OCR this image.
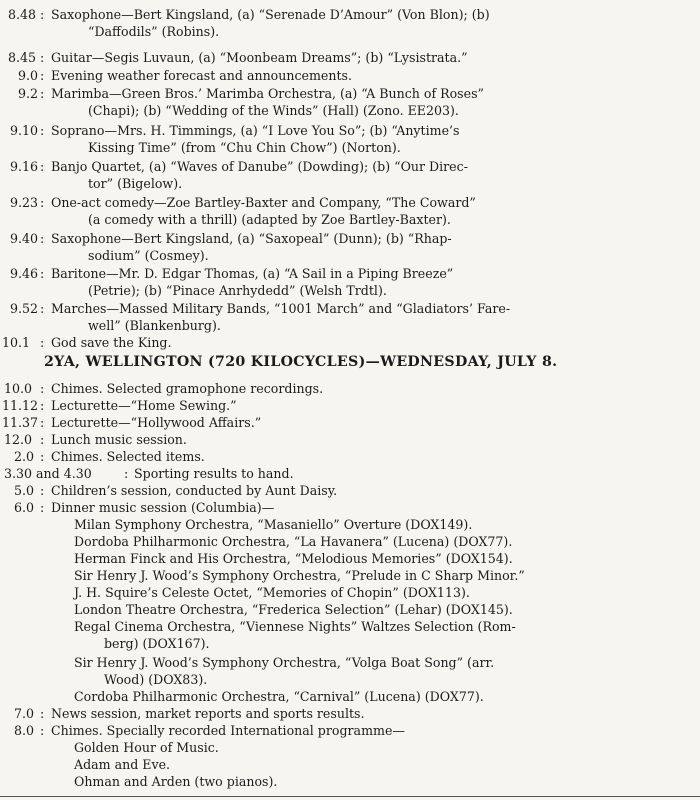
8.48 : Saxophone—Bert Kingsland, (a) “Serenade D’Amour” (Von Blon); (b)
“Daffodils” (Robins).
8.45 : Guitar—Segis Luvaun, (a) “Moonbeam Dreams”; (b) “Lysistrata.”
9.0 : Evening weather forecast and announcements.
9.2 : Marimba—Green Bros.’ Marimba Orchestra, (a) “A Bunch of Roses”
(Chapi); (b) “Wedding of the Winds” (Hall) (Zono. EE203).
9.10 : Soprano—Mrs. H. Timmings, (a) “I Love You So”; (b) “Anytime’s
Kissing Time” (from “Chu Chin Chow”) (Norton).
9.16 : Banjo Quartet, (a) “Waves of Danube” (Dowding); (b) “Our Direc-
tor” (Bigelow).
9.23 : One-act comedy—Zoe Bartley-Baxter and Company, “The Coward”
(a comedy with a thrill) (adapted by Zoe Bartley-Baxter).
9.40 : Saxophone—Bert Kingsland, (a) “Saxopeal” (Dunn); (b) “Rhap-
sodium” (Cosmey).
9.46 : Baritone—Mr. D. Edgar Thomas, (a) “A Sail in a Piping Breeze”
(Petrie); (b) “Pinace Anrhydedd” (Welsh Trdtl).
9.52 : Marches—Massed Military Bands, “1001 March” and “Gladiators’ Fare-
well” (Blankenburg).
10.1 : God save the King.
2YA, WELLINGTON (720 KILOCYCLES)—WEDNESDAY, JULY 8.
10.0 : Chimes. Selected gramophone recordings.
11.12 : Lecturette—“Home Sewing.”
11.37 : Lecturette—“Hollywood Affairs.”
12.0 : Lunch music session.
2.0 : Chimes. Selected items.
3.30 and 4.30	: Sporting results to hand.
5.0 : Children’s session, conducted by Aunt Daisy.
6.0 : Dinner music session (Columbia)—
Milan Symphony Orchestra, “Masaniello” Overture (DOX149).
Dordoba Philharmonic Orchestra, “La Havanera” (Lucena) (DOX77).
Herman Finck and His Orchestra, “Melodious Memories” (DOX154).
Sir Henry J. Wood’s Symphony Orchestra, “Prelude in C Sharp Minor.”
J. H. Squire’s Celeste Octet, “Memories of Chopin” (DOX113).
London Theatre Orchestra, “Frederica Selection” (Lehar) (DOX145).
Regal Cinema Orchestra, “Viennese Nights” Waltzes Selection (Rom-
berg) (DOX167).
Sir Henry J. Wood’s Symphony Orchestra, “Volga Boat Song” (arr.
Wood) (DOX83).
Cordoba Philharmonic Orchestra, “Carnival” (Lucena) (DOX77).
7.0 : News session, market reports and sports results.
8.0 : Chimes. Specially recorded International programme—
Golden Hour of Music.
Adam and Eve.
Ohman and Arden (two pianos).
